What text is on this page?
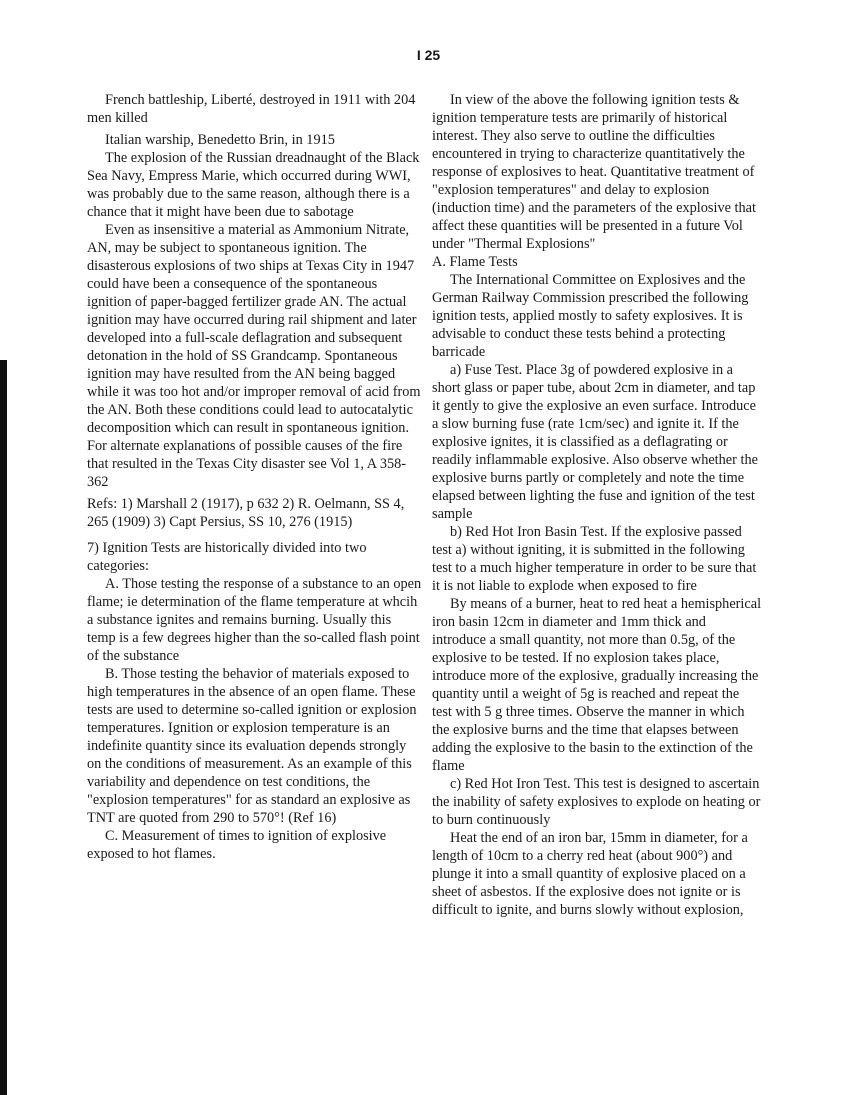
I 25

French battleship, Liberté, destroyed in 1911 with 204 men killed

Italian warship, Benedetto Brin, in 1915

The explosion of the Russian dreadnaught of the Black Sea Navy, Empress Marie, which occurred during WWI, was probably due to the same reason, although there is a chance that it might have been due to sabotage

Even as insensitive a material as Ammonium Nitrate, AN, may be subject to spontaneous ignition. The disasterous explosions of two ships at Texas City in 1947 could have been a consequence of the spontaneous ignition of paper-bagged fertilizer grade AN. The actual ignition may have occurred during rail shipment and later developed into a full-scale deflagration and subsequent detonation in the hold of SS Grandcamp. Spontaneous ignition may have resulted from the AN being bagged while it was too hot and/or improper removal of acid from the AN. Both these conditions could lead to autocatalytic decomposition which can result in spontaneous ignition. For alternate explanations of possible causes of the fire that resulted in the Texas City disaster see Vol 1, A 358-362

Refs: 1) Marshall 2 (1917), p 632 2) R. Oelmann, SS 4, 265 (1909) 3) Capt Persius, SS 10, 276 (1915)

7) Ignition Tests are historically divided into two categories:

A. Those testing the response of a substance to an open flame; ie determination of the flame temperature at whcih a substance ignites and remains burning. Usually this temp is a few degrees higher than the so-called flash point of the substance

B. Those testing the behavior of materials exposed to high temperatures in the absence of an open flame. These tests are used to determine so-called ignition or explosion temperatures. Ignition or explosion temperature is an indefinite quantity since its evaluation depends strongly on the conditions of measurement. As an example of this variability and dependence on test conditions, the "explosion temperatures" for as standard an explosive as TNT are quoted from 290 to 570°! (Ref 16)

C. Measurement of times to ignition of explosive exposed to hot flames.

In view of the above the following ignition tests & ignition temperature tests are primarily of historical interest. They also serve to outline the difficulties encountered in trying to characterize quantitatively the response of explosives to heat. Quantitative treatment of "explosion temperatures" and delay to explosion (induction time) and the parameters of the explosive that affect these quantities will be presented in a future Vol under "Thermal Explosions"

A. Flame Tests

The International Committee on Explosives and the German Railway Commission prescribed the following ignition tests, applied mostly to safety explosives. It is advisable to conduct these tests behind a protecting barricade

a) Fuse Test. Place 3g of powdered explosive in a short glass or paper tube, about 2cm in diameter, and tap it gently to give the explosive an even surface. Introduce a slow burning fuse (rate 1cm/sec) and ignite it. If the explosive ignites, it is classified as a deflagrating or readily inflammable explosive. Also observe whether the explosive burns partly or completely and note the time elapsed between lighting the fuse and ignition of the test sample

b) Red Hot Iron Basin Test. If the explosive passed test a) without igniting, it is submitted in the following test to a much higher temperature in order to be sure that it is not liable to explode when exposed to fire

By means of a burner, heat to red heat a hemispherical iron basin 12cm in diameter and 1mm thick and introduce a small quantity, not more than 0.5g, of the explosive to be tested. If no explosion takes place, introduce more of the explosive, gradually increasing the quantity until a weight of 5g is reached and repeat the test with 5 g three times. Observe the manner in which the explosive burns and the time that elapses between adding the explosive to the basin to the extinction of the flame

c) Red Hot Iron Test. This test is designed to ascertain the inability of safety explosives to explode on heating or to burn continuously

Heat the end of an iron bar, 15mm in diameter, for a length of 10cm to a cherry red heat (about 900°) and plunge it into a small quantity of explosive placed on a sheet of asbestos. If the explosive does not ignite or is difficult to ignite, and burns slowly without explosion,
